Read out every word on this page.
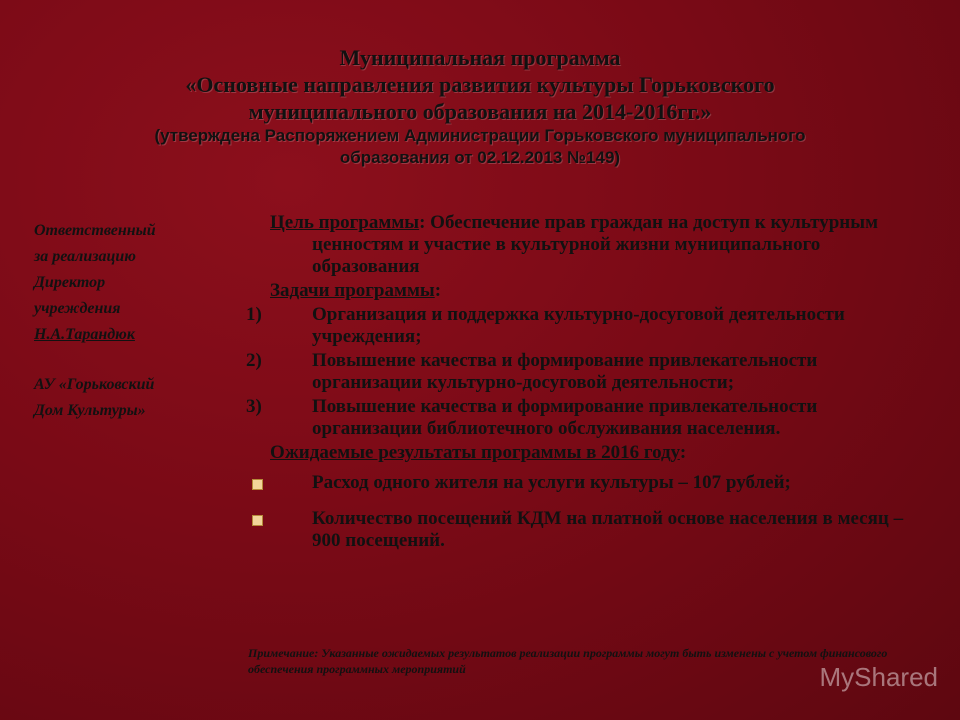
Муниципальная программа
«Основные направления развития культуры Горьковского
муниципального образования на 2014-2016гг.»
(утверждена Распоряжением Администрации Горьковского муниципального
образования от 02.12.2013 №149)
Ответственный
за реализацию
Директор
учреждения
Н.А.Тарандюк
АУ «Горьковский
Дом Культуры»
Цель программы: Обеспечение прав граждан на доступ к культурным ценностям и участие в культурной жизни муниципального образования
Задачи программы:
1)	Организация и поддержка культурно-досуговой деятельности учреждения;
2)	Повышение качества и формирование привлекательности организации культурно-досуговой деятельности;
3)	Повышение качества и формирование привлекательности организации библиотечного обслуживания населения.
Ожидаемые результаты программы в 2016 году:
Расход одного жителя на услуги культуры – 107 рублей;
Количество посещений КДМ на платной основе населения в месяц – 900 посещений.
Примечание: Указанные ожидаемых результатов реализации программы могут быть изменены с учетом финансового обеспечения программных мероприятий	MyShared
